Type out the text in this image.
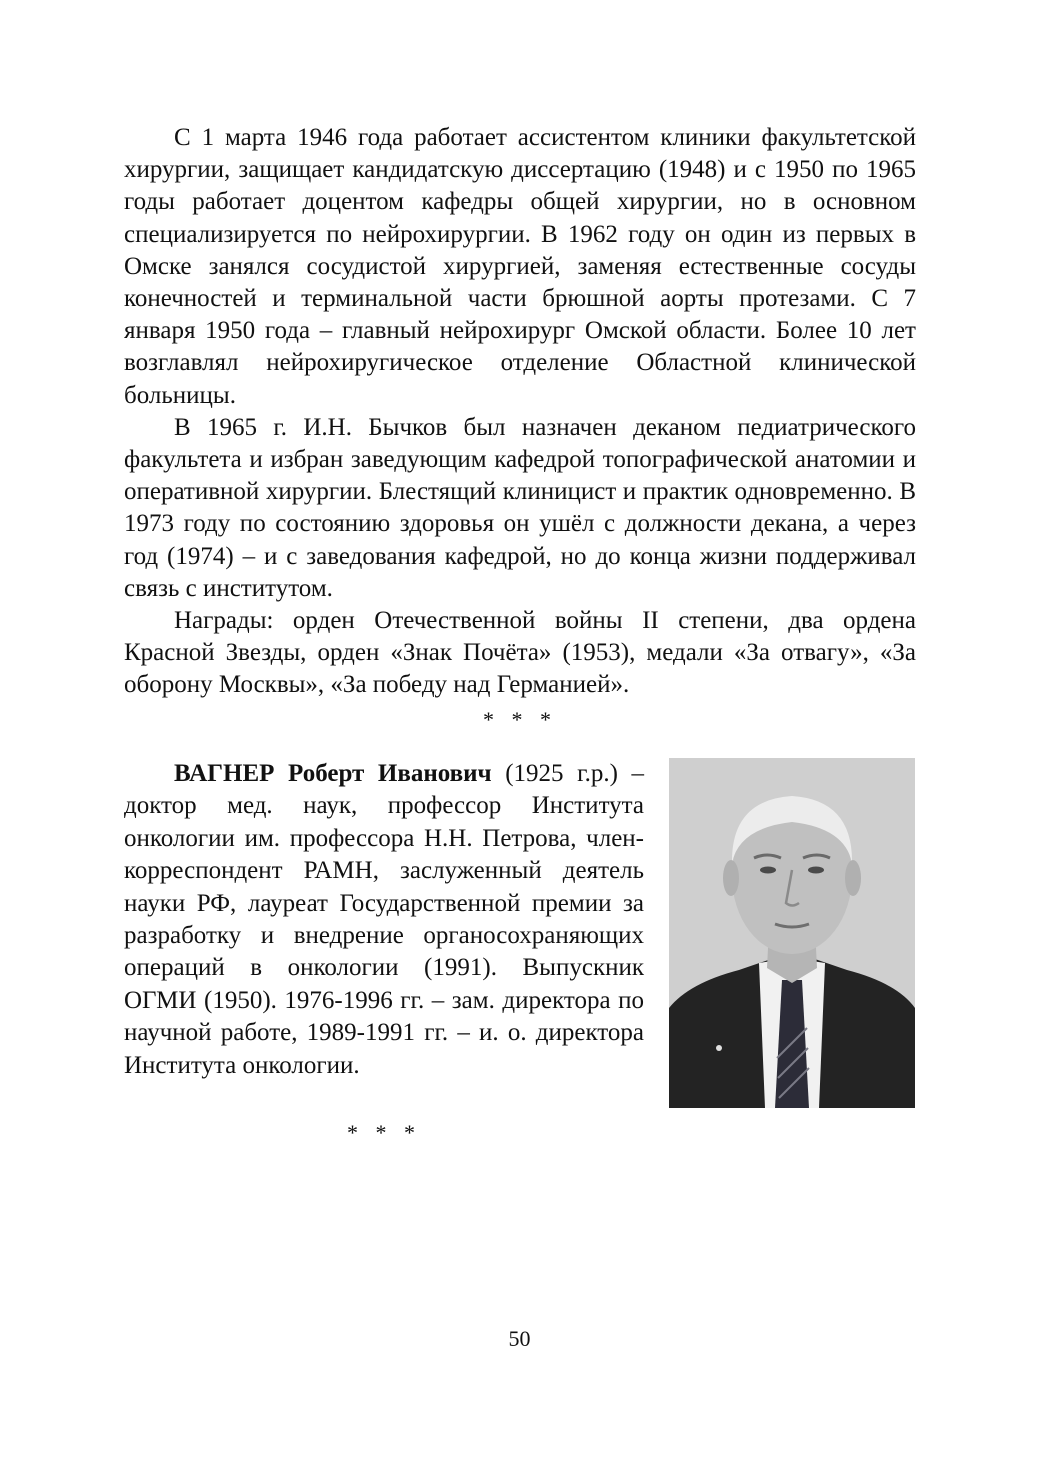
С 1 марта 1946 года работает ассистентом клиники факультетской хирургии, защищает кандидатскую диссертацию (1948) и с 1950 по 1965 годы работает доцентом кафедры общей хирургии, но в основном специализируется по нейрохирургии. В 1962 году он один из первых в Омске занялся сосудистой хирургией, заменяя естественные сосуды конечностей и терминальной части брюшной аорты протезами. С 7 января 1950 года – главный нейрохирург Омской области. Более 10 лет возглавлял нейрохиругическое отделение Областной клинической больницы.

В 1965 г. И.Н. Бычков был назначен деканом педиатрического факультета и избран заведующим кафедрой топографической анатомии и оперативной хирургии. Блестящий клиницист и практик одновременно. В 1973 году по состоянию здоровья он ушёл с должности декана, а через год (1974) – и с заведования кафедрой, но до конца жизни поддерживал связь с институтом.

Награды: орден Отечественной войны II степени, два ордена Красной Звезды, орден «Знак Почёта» (1953), медали «За отвагу», «За оборону Москвы», «За победу над Германией».

* * *

ВАГНЕР Роберт Иванович (1925 г.р.) – доктор мед. наук, профессор Института онкологии им. профессора Н.Н. Петрова, член-корреспондент РАМН, заслуженный деятель науки РФ, лауреат Государственной премии за разработку и внедрение органосохраняющих операций в онкологии (1991). Выпускник ОГМИ (1950). 1976-1996 гг. – зам. директора по научной работе, 1989-1991 гг. – и. о. директора Института онкологии.

* * *
50
